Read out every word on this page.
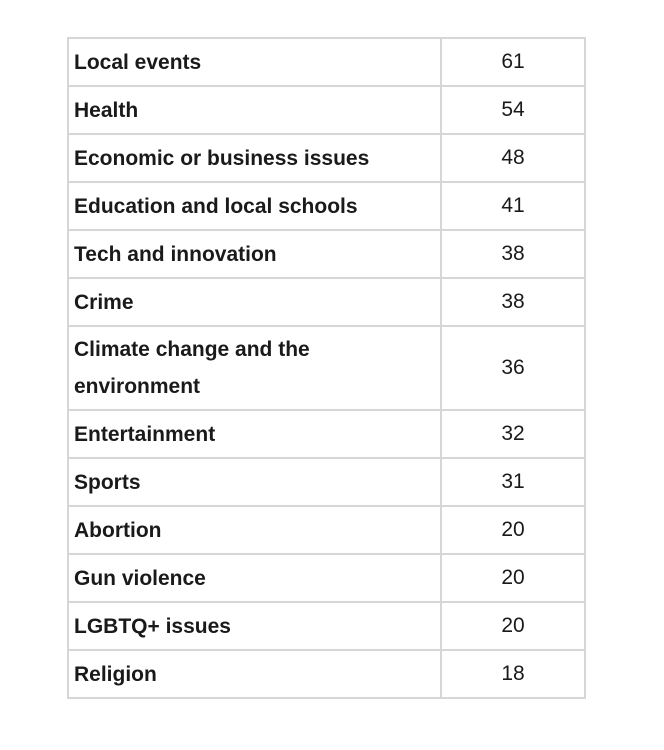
Local events	61
Health	54
Economic or business issues	48
Education and local schools	41
Tech and innovation	38
Crime	38
Climate change and the environment	36
Entertainment	32
Sports	31
Abortion	20
Gun violence	20
LGBTQ+ issues	20
Religion	18
